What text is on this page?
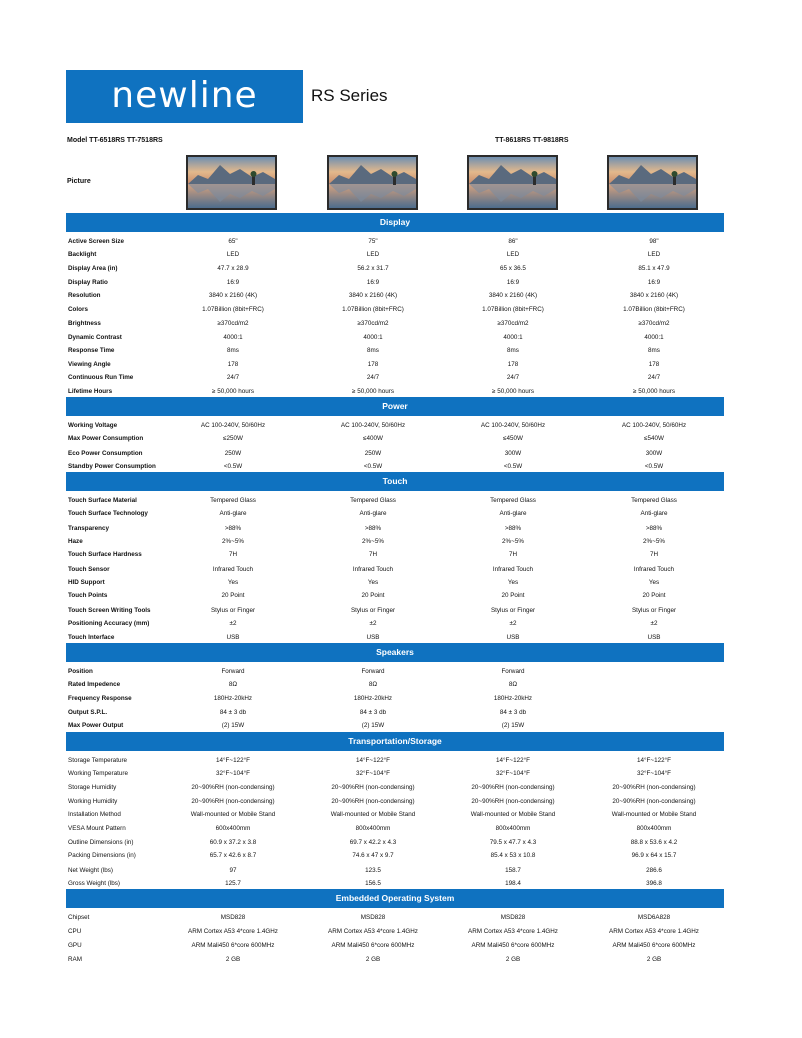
newline	RS Series
Model TT-6518RS TT-7518RS	TT-8618RS TT-9818RS
Picture
Display
Active Screen Size	65"	75"	86"	98"
Backlight	LED	LED	LED	LED
Display Area (in)	47.7 x 28.9	56.2 x 31.7	65 x 36.5	85.1 x 47.9
Display Ratio	16:9	16:9	16:9	16:9
Resolution	3840 x 2160 (4K)	3840 x 2160 (4K)	3840 x 2160 (4K)	3840 x 2160 (4K)
Colors	1.07Billion (8bit+FRC)	1.07Billion (8bit+FRC)	1.07Billion (8bit+FRC)	1.07Billion (8bit+FRC)
Brightness	≥370cd/m2	≥370cd/m2	≥370cd/m2	≥370cd/m2
Dynamic Contrast	4000:1	4000:1	4000:1	4000:1
Response Time	8ms	8ms	8ms	8ms
Viewing Angle	178	178	178	178
Continuous Run Time	24/7	24/7	24/7	24/7
Lifetime Hours	≥ 50,000 hours	≥ 50,000 hours	≥ 50,000 hours	≥ 50,000 hours
Power
Working Voltage	AC 100-240V, 50/60Hz	AC 100-240V, 50/60Hz	AC 100-240V, 50/60Hz	AC 100-240V, 50/60Hz
Max Power Consumption	≤250W	≤400W	≤450W	≤540W
Eco Power Consumption	250W	250W	300W	300W
Standby Power Consumption	<0.5W	<0.5W	<0.5W	<0.5W
Touch
Touch Surface Material	Tempered Glass	Tempered Glass	Tempered Glass	Tempered Glass
Touch Surface Technology	Anti-glare	Anti-glare	Anti-glare	Anti-glare
Transparency	>88%	>88%	>88%	>88%
Haze	2%~5%	2%~5%	2%~5%	2%~5%
Touch Surface Hardness	7H	7H	7H	7H
Touch Sensor	Infrared Touch	Infrared Touch	Infrared Touch	Infrared Touch
HID Support	Yes	Yes	Yes	Yes
Touch Points	20 Point	20 Point	20 Point	20 Point
Touch Screen Writing Tools	Stylus or Finger	Stylus or Finger	Stylus or Finger	Stylus or Finger
Positioning Accuracy (mm)	±2	±2	±2	±2
Touch Interface	USB	USB	USB	USB
Speakers
Position	Forward	Forward	Forward
Rated Impedence	8Ω	8Ω	8Ω
Frequency Response	180Hz-20kHz	180Hz-20kHz	180Hz-20kHz
Output S.P.L.	84 ± 3 db	84 ± 3 db	84 ± 3 db
Max Power Output	(2) 15W	(2) 15W	(2) 15W
Transportation/Storage
Storage Temperature	14°F~122°F	14°F~122°F	14°F~122°F	14°F~122°F
Working Temperature	32°F~104°F	32°F~104°F	32°F~104°F	32°F~104°F
Storage Humidity	20~90%RH (non-condensing)	20~90%RH (non-condensing)	20~90%RH (non-condensing)	20~90%RH (non-condensing)
Working Humidity	20~90%RH (non-condensing)	20~90%RH (non-condensing)	20~90%RH (non-condensing)	20~90%RH (non-condensing)
Installation Method	Wall-mounted or Mobile Stand	Wall-mounted or Mobile Stand	Wall-mounted or Mobile Stand	Wall-mounted or Mobile Stand
VESA Mount Pattern	600x400mm	800x400mm	800x400mm	800x400mm
Outline Dimensions (in)	60.9 x 37.2 x 3.8	69.7 x 42.2 x 4.3	79.5 x 47.7 x 4.3	88.8 x 53.6 x 4.2
Packing Dimensions (in)	65.7 x 42.6 x 8.7	74.6 x 47 x 9.7	85.4 x 53 x 10.8	96.9 x 64 x 15.7
Net Weight (lbs)	97	123.5	158.7	286.6
Gross Weight (lbs)	125.7	156.5	198.4	396.8
Embedded Operating System
Chipset	MSD828	MSD828	MSD828	MSD6A828
CPU	ARM Cortex A53 4*core 1.4GHz	ARM Cortex A53 4*core 1.4GHz	ARM Cortex A53 4*core 1.4GHz	ARM Cortex A53 4*core 1.4GHz
GPU	ARM Mali450 6*core 600MHz	ARM Mali450 6*core 600MHz	ARM Mali450 6*core 600MHz	ARM Mali450 6*core 600MHz
RAM	2 GB	2 GB	2 GB	2 GB
